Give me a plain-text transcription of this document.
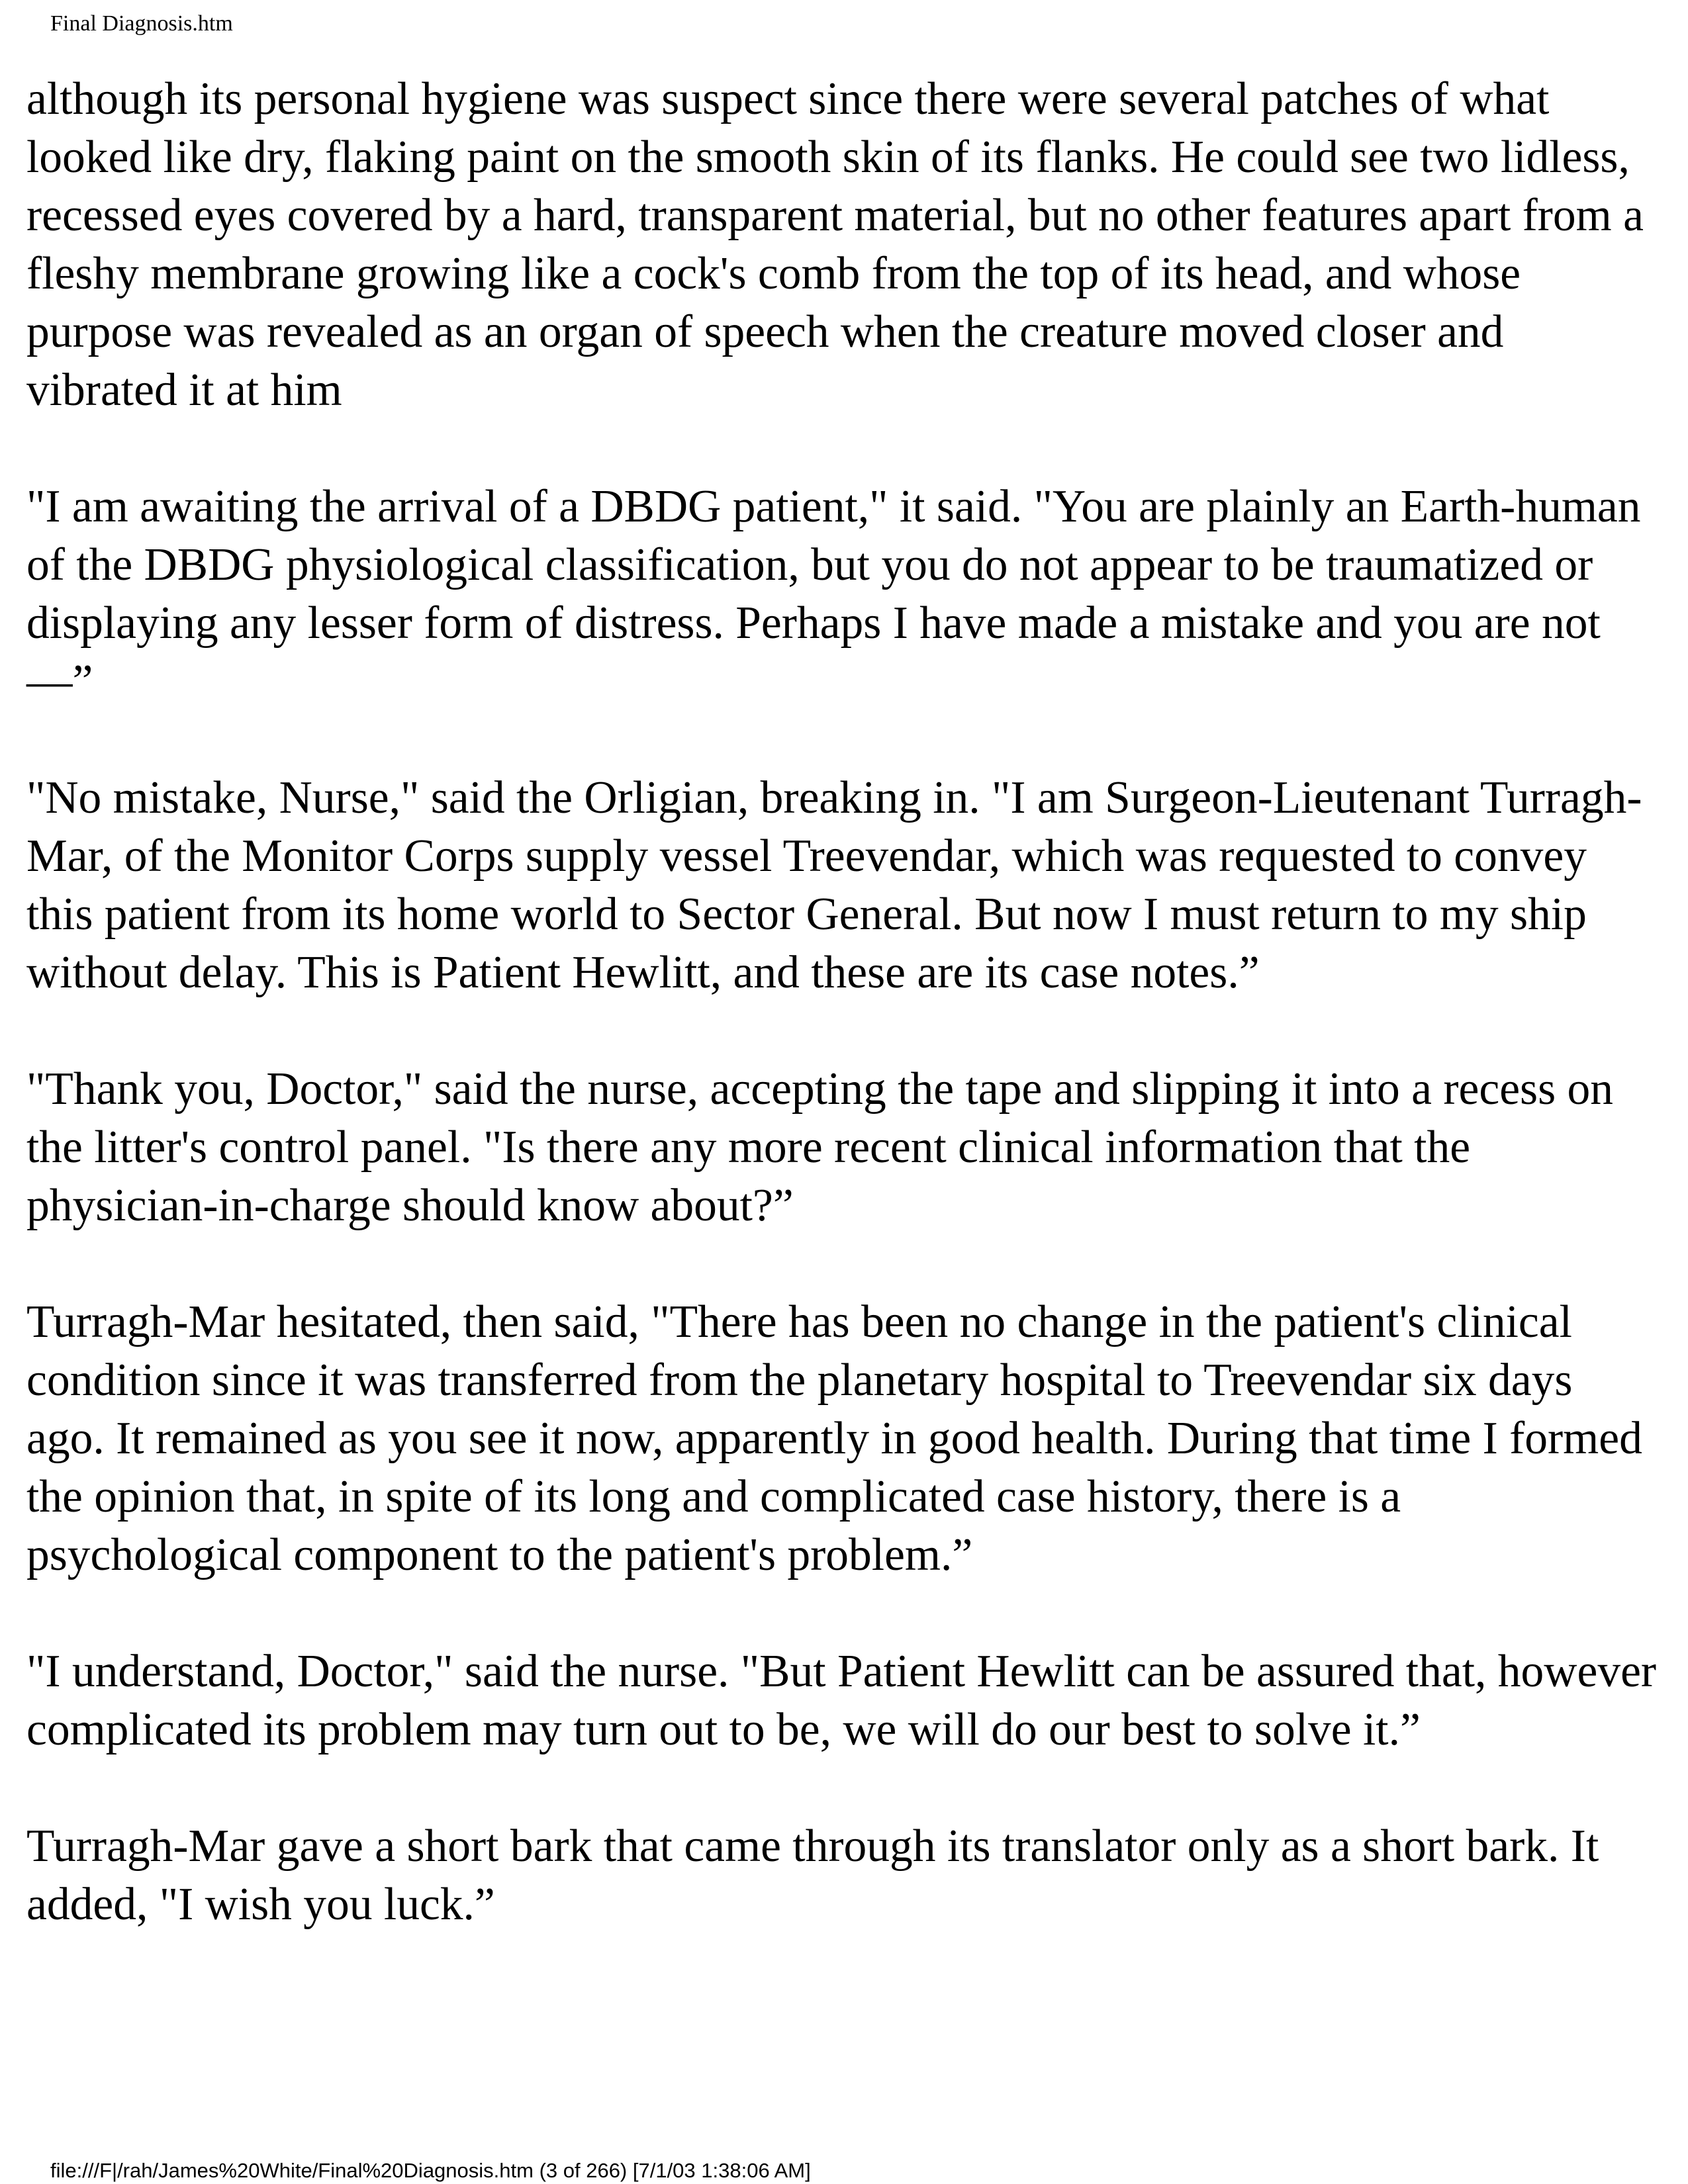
Final Diagnosis.htm

although its personal hygiene was suspect since there were several patches of what looked like dry, flaking paint on the smooth skin of its flanks. He could see two lidless, recessed eyes covered by a hard, transparent material, but no other features apart from a fleshy membrane growing like a cock's comb from the top of its head, and whose purpose was revealed as an organ of speech when the creature moved closer and vibrated it at him

"I am awaiting the arrival of a DBDG patient," it said. "You are plainly an Earth-human of the DBDG physiological classification, but you do not appear to be traumatized or displaying any lesser form of distress. Perhaps I have made a mistake and you are not—”

"No mistake, Nurse," said the Orligian, breaking in. "I am Surgeon-Lieutenant Turragh-Mar, of the Monitor Corps supply vessel Treevendar, which was requested to convey this patient from its home world to Sector General. But now I must return to my ship without delay. This is Patient Hewlitt, and these are its case notes.”

"Thank you, Doctor," said the nurse, accepting the tape and slipping it into a recess on the litter's control panel. "Is there any more recent clinical information that the physician-in-charge should know about?”

Turragh-Mar hesitated, then said, "There has been no change in the patient's clinical condition since it was transferred from the planetary hospital to Treevendar six days ago. It remained as you see it now, apparently in good health. During that time I formed the opinion that, in spite of its long and complicated case history, there is a psychological component to the patient's problem.”

"I understand, Doctor," said the nurse. "But Patient Hewlitt can be assured that, however complicated its problem may turn out to be, we will do our best to solve it.”

Turragh-Mar gave a short bark that came through its translator only as a short bark. It added, "I wish you luck.”

file:///F|/rah/James%20White/Final%20Diagnosis.htm (3 of 266) [7/1/03 1:38:06 AM]
